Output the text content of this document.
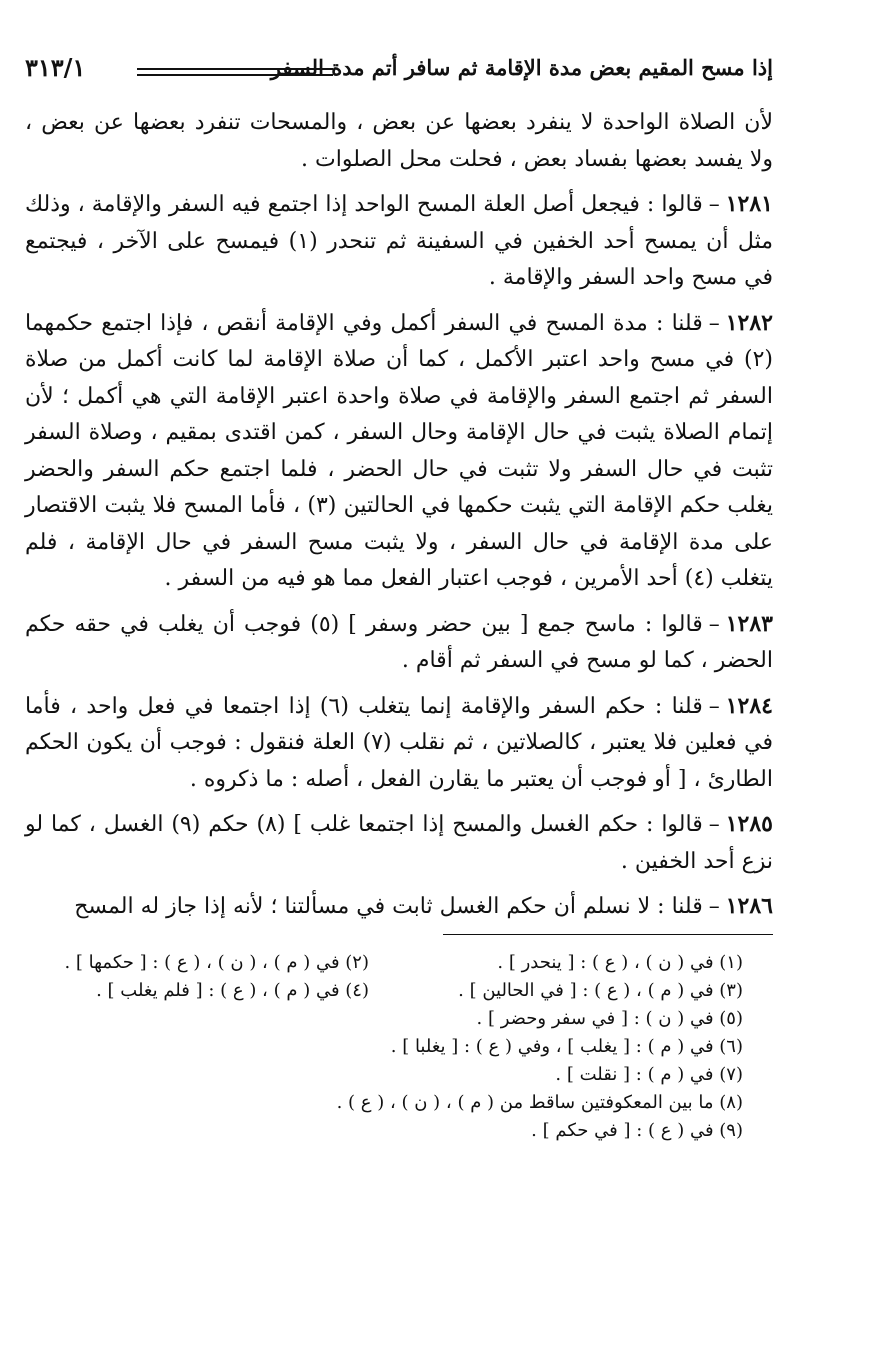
إذا مسح المقيم بعض مدة الإقامة ثم سافر أتم مدة السفر
٣١٣/١

لأن الصلاة الواحدة لا ينفرد بعضها عن بعض ، والمسحات تنفرد بعضها عن بعض ، ولا يفسد بعضها بفساد بعض ، فحلت محل الصلوات .

١٢٨١–قالوا : فيجعل أصل العلة المسح الواحد إذا اجتمع فيه السفر والإقامة ، وذلك مثل أن يمسح أحد الخفين في السفينة ثم تنحدر (١) فيمسح على الآخر ، فيجتمع في مسح واحد السفر والإقامة .

١٢٨٢–قلنا : مدة المسح في السفر أكمل وفي الإقامة أنقص ، فإذا اجتمع حكمهما (٢) في مسح واحد اعتبر الأكمل ، كما أن صلاة الإقامة لما كانت أكمل من صلاة السفر ثم اجتمع السفر والإقامة في صلاة واحدة اعتبر الإقامة التي هي أكمل ؛ لأن إتمام الصلاة يثبت في حال الإقامة وحال السفر ، كمن اقتدى بمقيم ، وصلاة السفر تثبت في حال السفر ولا تثبت في حال الحضر ، فلما اجتمع حكم السفر والحضر يغلب حكم الإقامة التي يثبت حكمها في الحالتين (٣) ، فأما المسح فلا يثبت الاقتصار على مدة الإقامة في حال السفر ، ولا يثبت مسح السفر في حال الإقامة ، فلم يتغلب (٤) أحد الأمرين ، فوجب اعتبار الفعل مما هو فيه من السفر .

١٢٨٣–قالوا : ماسح جمع [ بين حضر وسفر ] (٥) فوجب أن يغلب في حقه حكم الحضر ، كما لو مسح في السفر ثم أقام .

١٢٨٤–قلنا : حكم السفر والإقامة إنما يتغلب (٦) إذا اجتمعا في فعل واحد ، فأما في فعلين فلا يعتبر ، كالصلاتين ، ثم نقلب (٧) العلة فنقول : فوجب أن يكون الحكم الطارئ ، [ أو فوجب أن يعتبر ما يقارن الفعل ، أصله : ما ذكروه .

١٢٨٥–قالوا : حكم الغسل والمسح إذا اجتمعا غلب ] (٨) حكم (٩) الغسل ، كما لو نزع أحد الخفين .

١٢٨٦–قلنا : لا نسلم أن حكم الغسل ثابت في مسألتنا ؛ لأنه إذا جاز له المسح

(١) في ( ن ) ، ( ع ) : [ ينحدر ] .
(٢) في ( م ) ، ( ن ) ، ( ع ) : [ حكمها ] .
(٣) في ( م ) ، ( ع ) : [ في الحالين ] .
(٤) في ( م ) ، ( ع ) : [ فلم يغلب ] .
(٥) في ( ن ) : [ في سفر وحضر ] .
(٦) في ( م ) : [ يغلب ] ، وفي ( ع ) : [ يغلبا ] .
(٧) في ( م ) : [ نقلت ] .
(٨) ما بين المعكوفتين ساقط من ( م ) ، ( ن ) ، ( ع ) .
(٩) في ( ع ) : [ في حكم ] .
